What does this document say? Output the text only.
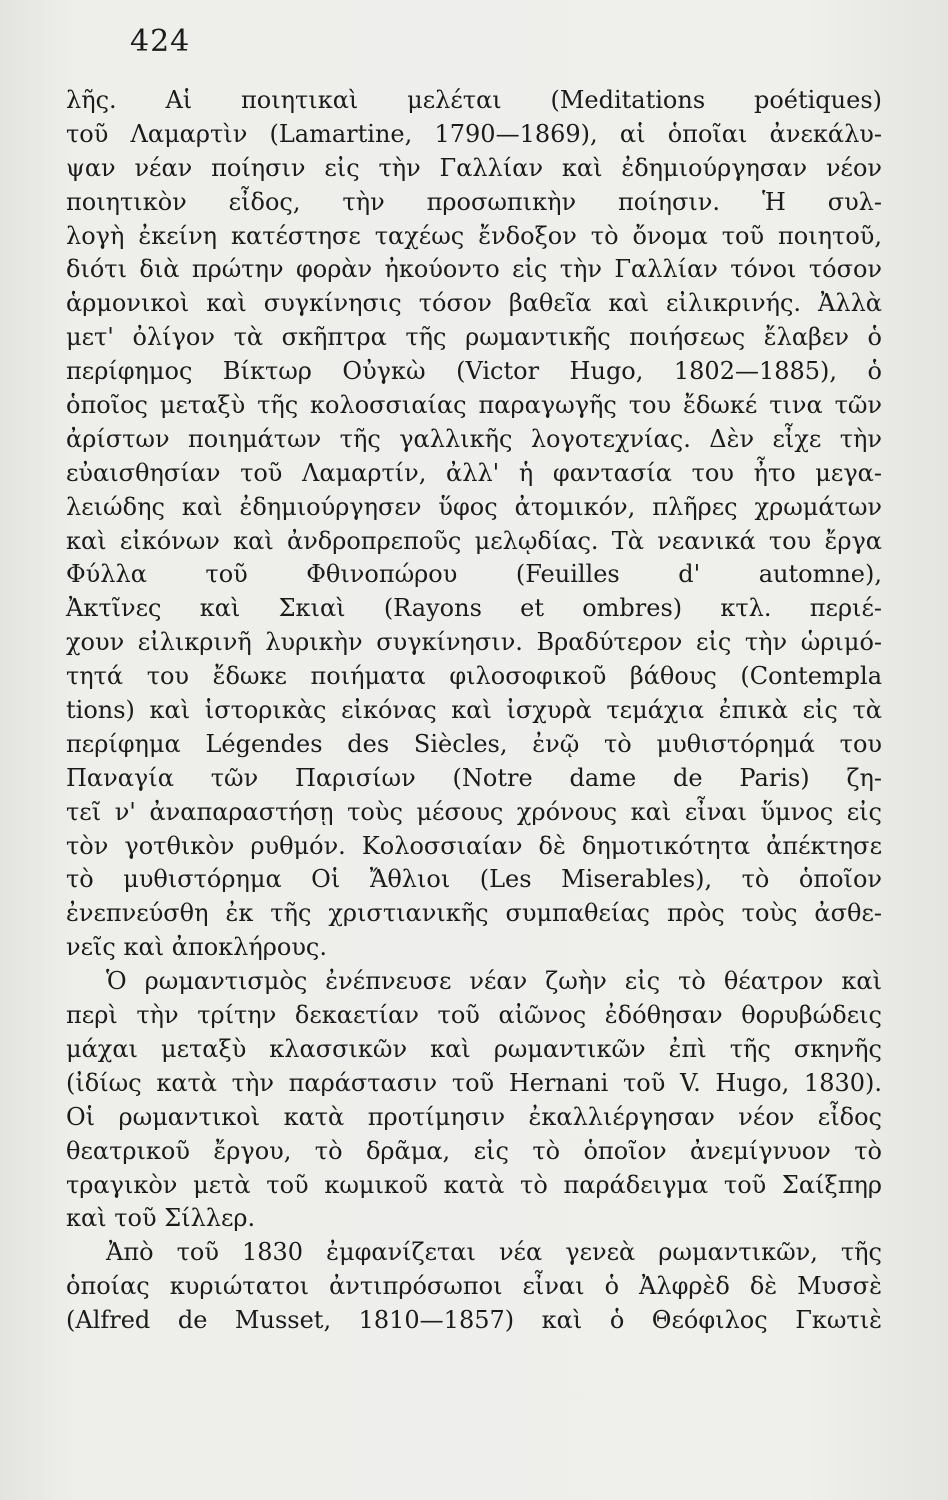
424
λῆς. Αἱ ποιητικαὶ μελέται (Meditations poétiques)
τοῦ Λαμαρτὶν (Lamartine, 1790—1869), αἱ ὁποῖαι ἀνεκάλυ-
ψαν νέαν ποίησιν εἰς τὴν Γαλλίαν καὶ ἐδημιούργησαν νέον
ποιητικὸν εἶδος, τὴν προσωπικὴν ποίησιν. Ἡ συλ-
λογὴ ἐκείνη κατέστησε ταχέως ἔνδοξον τὸ ὄνομα τοῦ ποιητοῦ,
διότι διὰ πρώτην φορὰν ἠκούοντο εἰς τὴν Γαλλίαν τόνοι τόσον
ἁρμονικοὶ καὶ συγκίνησις τόσον βαθεῖα καὶ εἰλικρινής. Ἀλλὰ
μετ' ὀλίγον τὰ σκῆπτρα τῆς ρωμαντικῆς ποιήσεως ἔλαβεν ὁ
περίφημος Βίκτωρ Οὐγκὼ (Victor Hugo, 1802—1885), ὁ
ὁποῖος μεταξὺ τῆς κολοσσιαίας παραγωγῆς του ἔδωκέ τινα τῶν
ἀρίστων ποιημάτων τῆς γαλλικῆς λογοτεχνίας. Δὲν εἶχε τὴν
εὐαισθησίαν τοῦ Λαμαρτίν, ἀλλ' ἡ φαντασία του ἦτο μεγα-
λειώδης καὶ ἐδημιούργησεν ὕφος ἀτομικόν, πλῆρες χρωμάτων
καὶ εἰκόνων καὶ ἀνδροπρεποῦς μελῳδίας. Τὰ νεανικά του ἔργα
Φύλλα τοῦ Φθινοπώρου (Feuilles d' automne),
Ἀκτῖνες καὶ Σκιαὶ (Rayons et ombres) κτλ. περιέ-
χουν εἰλικρινῆ λυρικὴν συγκίνησιν. Βραδύτερον εἰς τὴν ὡριμό-
τητά του ἔδωκε ποιήματα φιλοσοφικοῦ βάθους (Contempla
tions) καὶ ἱστορικὰς εἰκόνας καὶ ἰσχυρὰ τεμάχια ἐπικὰ εἰς τὰ
περίφημα Légendes des Siècles, ἐνῷ τὸ μυθιστόρημά του
Παναγία τῶν Παρισίων (Notre dame de Paris) ζη-
τεῖ ν' ἀναπαραστήσῃ τοὺς μέσους χρόνους καὶ εἶναι ὕμνος εἰς
τὸν γοτθικὸν ρυθμόν. Κολοσσιαίαν δὲ δημοτικότητα ἀπέκτησε
τὸ μυθιστόρημα Οἱ Ἄθλιοι (Les Miserables), τὸ ὁποῖον
ἐνεπνεύσθη ἐκ τῆς χριστιανικῆς συμπαθείας πρὸς τοὺς ἀσθε-
νεῖς καὶ ἀποκλήρους.
Ὁ ρωμαντισμὸς ἐνέπνευσε νέαν ζωὴν εἰς τὸ θέατρον καὶ
περὶ τὴν τρίτην δεκαετίαν τοῦ αἰῶνος ἐδόθησαν θορυβώδεις
μάχαι μεταξὺ κλασσικῶν καὶ ρωμαντικῶν ἐπὶ τῆς σκηνῆς
(ἰδίως κατὰ τὴν παράστασιν τοῦ Hernani τοῦ V. Hugo, 1830).
Οἱ ρωμαντικοὶ κατὰ προτίμησιν ἐκαλλιέργησαν νέον εἶδος
θεατρικοῦ ἔργου, τὸ δρᾶμα, εἰς τὸ ὁποῖον ἀνεμίγνυον τὸ
τραγικὸν μετὰ τοῦ κωμικοῦ κατὰ τὸ παράδειγμα τοῦ Σαίξπηρ
καὶ τοῦ Σίλλερ.
Ἀπὸ τοῦ 1830 ἐμφανίζεται νέα γενεὰ ρωμαντικῶν, τῆς
ὁποίας κυριώτατοι ἀντιπρόσωποι εἶναι ὁ Ἀλφρὲδ δὲ Μυσσὲ
(Alfred de Musset, 1810—1857) καὶ ὁ Θεόφιλος Γκωτιὲ
